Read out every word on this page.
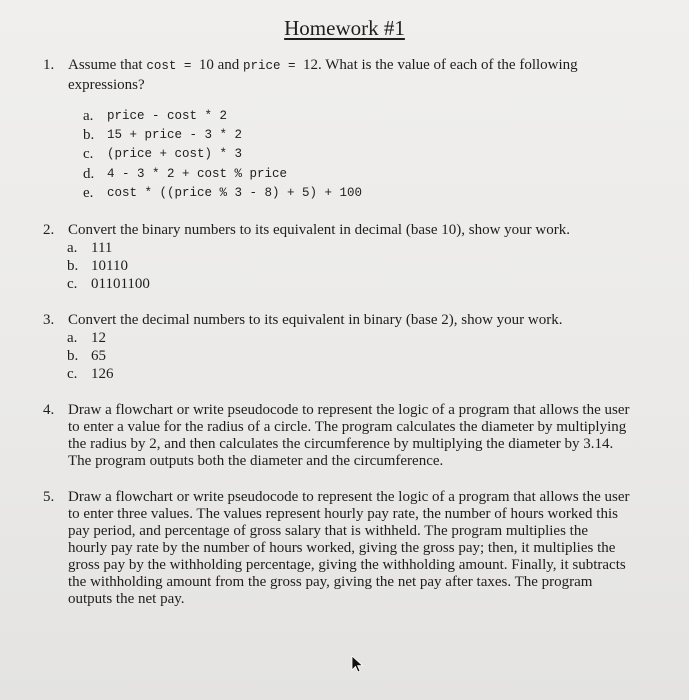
Homework #1
1. Assume that cost = 10 and price = 12. What is the value of each of the following
expressions?
a. price - cost * 2
b. 15 + price - 3 * 2
c. (price + cost) * 3
d. 4 - 3 * 2 + cost % price
e. cost * ((price % 3 - 8) + 5) + 100
2. Convert the binary numbers to its equivalent in decimal (base 10), show your work.
a. 111
b. 10110
c. 01101100
3. Convert the decimal numbers to its equivalent in binary (base 2), show your work.
a. 12
b. 65
c. 126
4. Draw a flowchart or write pseudocode to represent the logic of a program that allows the user
to enter a value for the radius of a circle. The program calculates the diameter by multiplying
the radius by 2, and then calculates the circumference by multiplying the diameter by 3.14.
The program outputs both the diameter and the circumference.
5. Draw a flowchart or write pseudocode to represent the logic of a program that allows the user
to enter three values. The values represent hourly pay rate, the number of hours worked this
pay period, and percentage of gross salary that is withheld. The program multiplies the
hourly pay rate by the number of hours worked, giving the gross pay; then, it multiplies the
gross pay by the withholding percentage, giving the withholding amount. Finally, it subtracts
the withholding amount from the gross pay, giving the net pay after taxes. The program
outputs the net pay.
